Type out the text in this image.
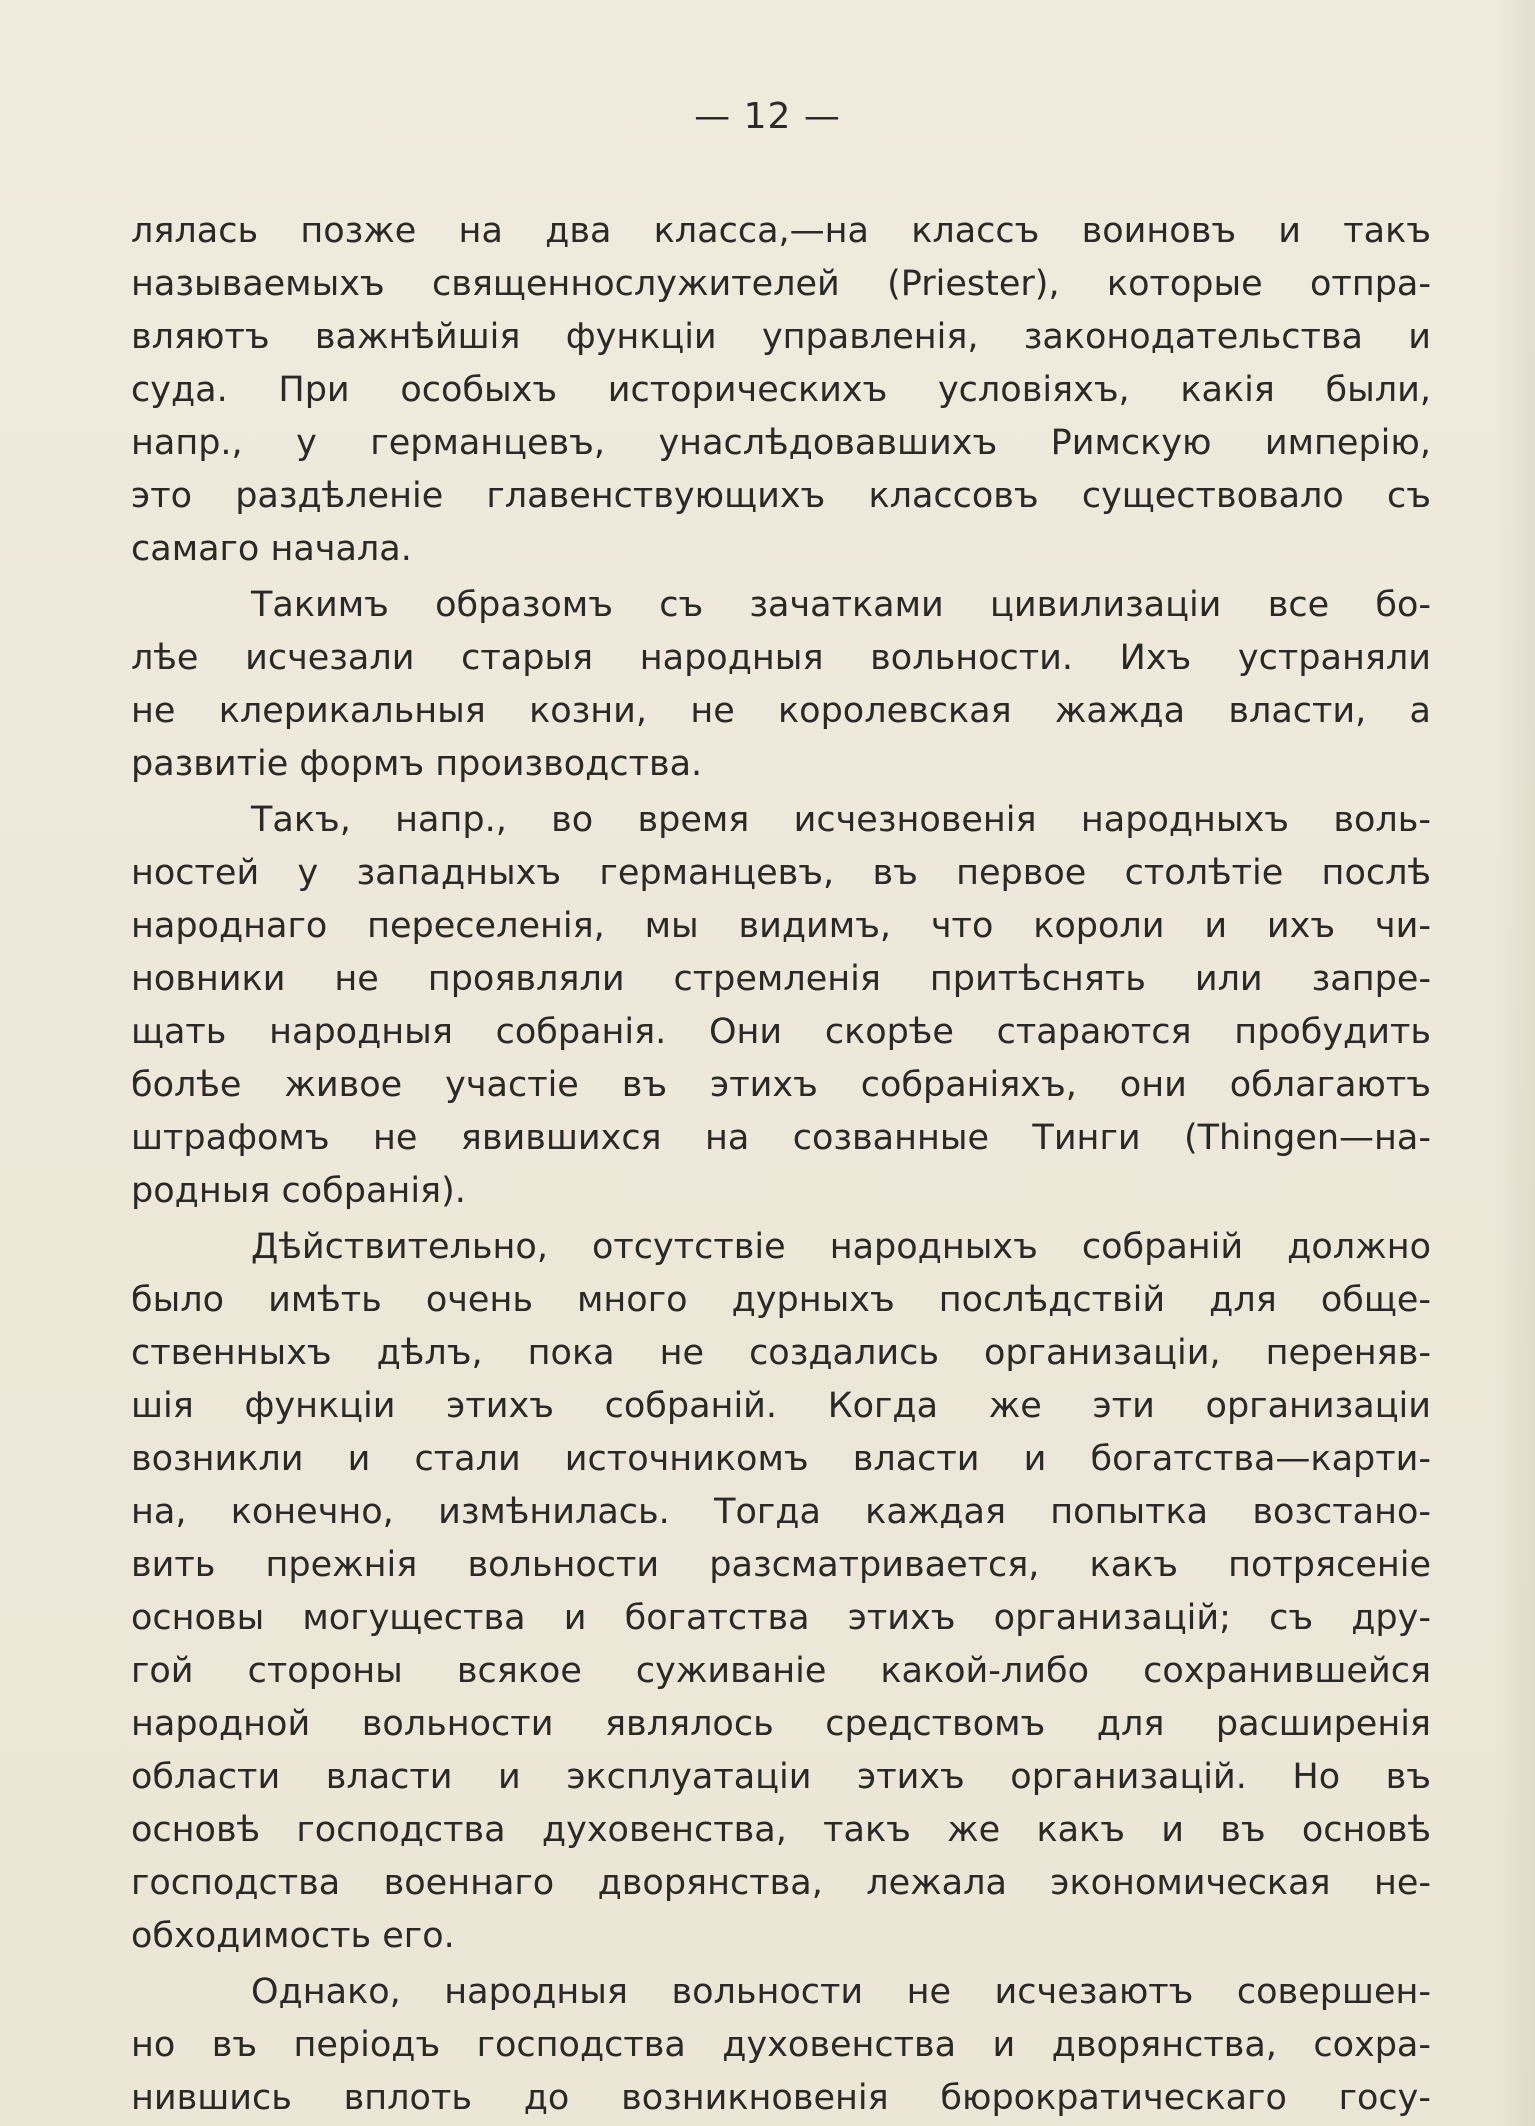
— 12 —
лялась позже на два класса,—на классъ воиновъ и такъ
называемыхъ священнослужителей (Priester), которые отпра-
вляютъ важнѣйшія функціи управленія, законодательства и
суда. При особыхъ историческихъ условіяхъ, какія были,
напр., у германцевъ, унаслѣдовавшихъ Римскую имперію,
это раздѣленіе главенствующихъ классовъ существовало съ
самаго начала.
Такимъ образомъ съ зачатками цивилизаціи все бо-
лѣе исчезали старыя народныя вольности. Ихъ устраняли
не клерикальныя козни, не королевская жажда власти, а
развитіе формъ производства.
Такъ, напр., во время исчезновенія народныхъ воль-
ностей у западныхъ германцевъ, въ первое столѣтіе послѣ
народнаго переселенія, мы видимъ, что короли и ихъ чи-
новники не проявляли стремленія притѣснять или запре-
щать народныя собранія. Они скорѣе стараются пробудить
болѣе живое участіе въ этихъ собраніяхъ, они облагаютъ
штрафомъ не явившихся на созванные Тинги (Thingen—на-
родныя собранія).
Дѣйствительно, отсутствіе народныхъ собраній должно
было имѣть очень много дурныхъ послѣдствій для обще-
ственныхъ дѣлъ, пока не создались организаціи, переняв-
шія функціи этихъ собраній. Когда же эти организаціи
возникли и стали источникомъ власти и богатства—карти-
на, конечно, измѣнилась. Тогда каждая попытка возстано-
вить прежнія вольности разсматривается, какъ потрясеніе
основы могущества и богатства этихъ организацій; съ дру-
гой стороны всякое суживаніе какой-либо сохранившейся
народной вольности являлось средствомъ для расширенія
области власти и эксплуатаціи этихъ организацій. Но въ
основѣ господства духовенства, такъ же какъ и въ основѣ
господства военнаго дворянства, лежала экономическая не-
обходимость его.
Однако, народныя вольности не исчезаютъ совершен-
но въ періодъ господства духовенства и дворянства, сохра-
нившись вплоть до возникновенія бюрократическаго госу-
